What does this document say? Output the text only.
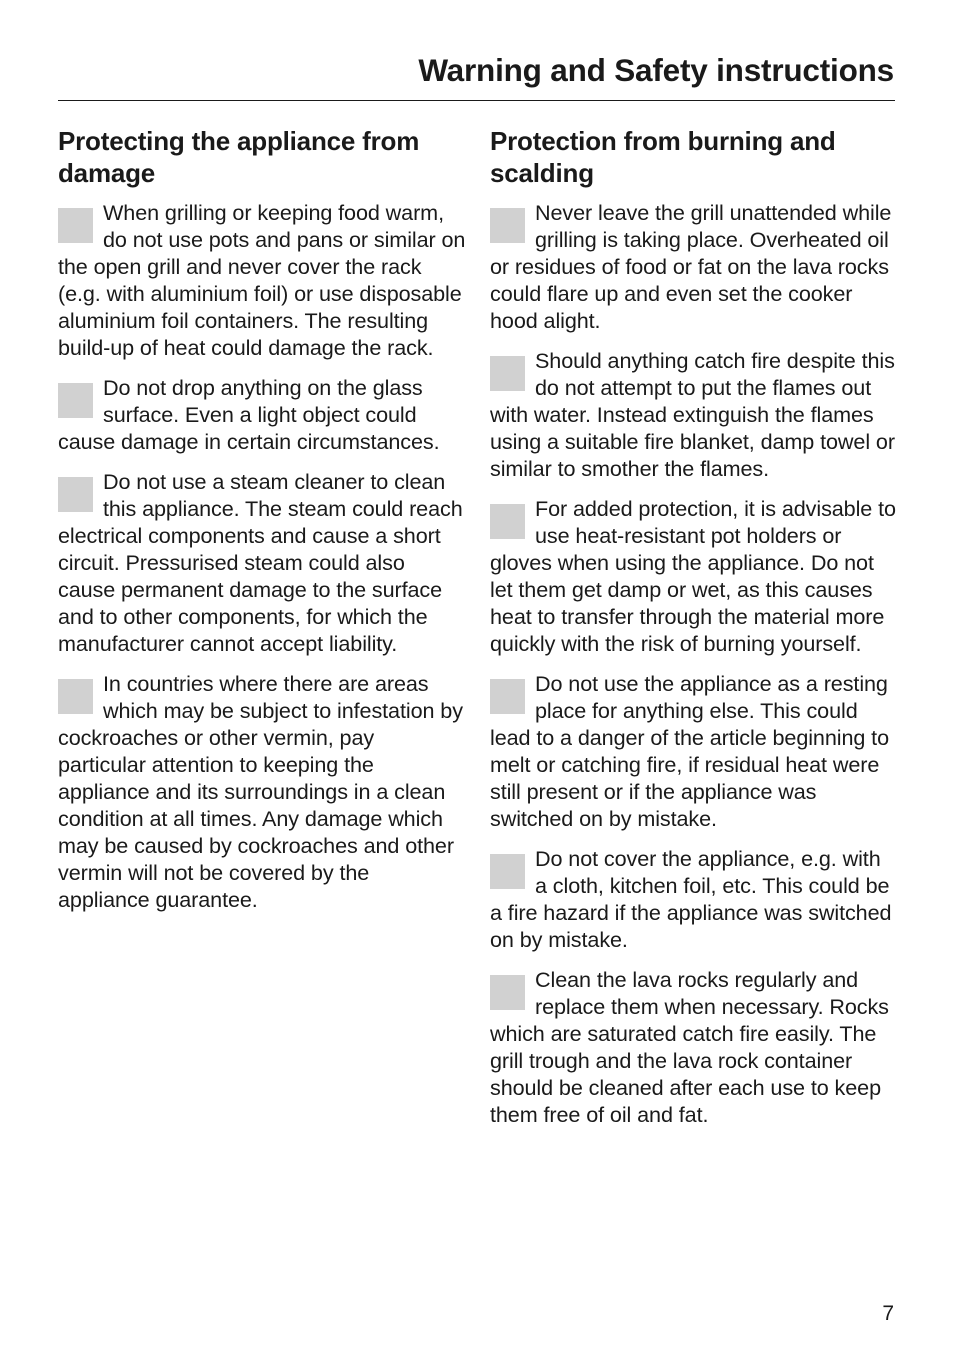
Warning and Safety instructions
Protecting the appliance from damage
When grilling or keeping food warm, do not use pots and pans or similar on the open grill and never cover the rack (e.g. with aluminium foil) or use disposable aluminium foil containers. The resulting build-up of heat could damage the rack.
Do not drop anything on the glass surface. Even a light object could cause damage in certain circumstances.
Do not use a steam cleaner to clean this appliance. The steam could reach electrical components and cause a short circuit. Pressurised steam could also cause permanent damage to the surface and to other components, for which the manufacturer cannot accept liability.
In countries where there are areas which may be subject to infestation by cockroaches or other vermin, pay particular attention to keeping the appliance and its surroundings in a clean condition at all times. Any damage which may be caused by cockroaches and other vermin will not be covered by the appliance guarantee.
Protection from burning and scalding
Never leave the grill unattended while grilling is taking place. Overheated oil or residues of food or fat on the lava rocks could flare up and even set the cooker hood alight.
Should anything catch fire despite this do not attempt to put the flames out with water. Instead extinguish the flames using a suitable fire blanket, damp towel or similar to smother the flames.
For added protection, it is advisable to use heat-resistant pot holders or gloves when using the appliance. Do not let them get damp or wet, as this causes heat to transfer through the material more quickly with the risk of burning yourself.
Do not use the appliance as a resting place for anything else. This could lead to a danger of the article beginning to melt or catching fire, if residual heat were still present or if the appliance was switched on by mistake.
Do not cover the appliance, e.g. with a cloth, kitchen foil, etc. This could be a fire hazard if the appliance was switched on by mistake.
Clean the lava rocks regularly and replace them when necessary. Rocks which are saturated catch fire easily. The grill trough and the lava rock container should be cleaned after each use to keep them free of oil and fat.
7
